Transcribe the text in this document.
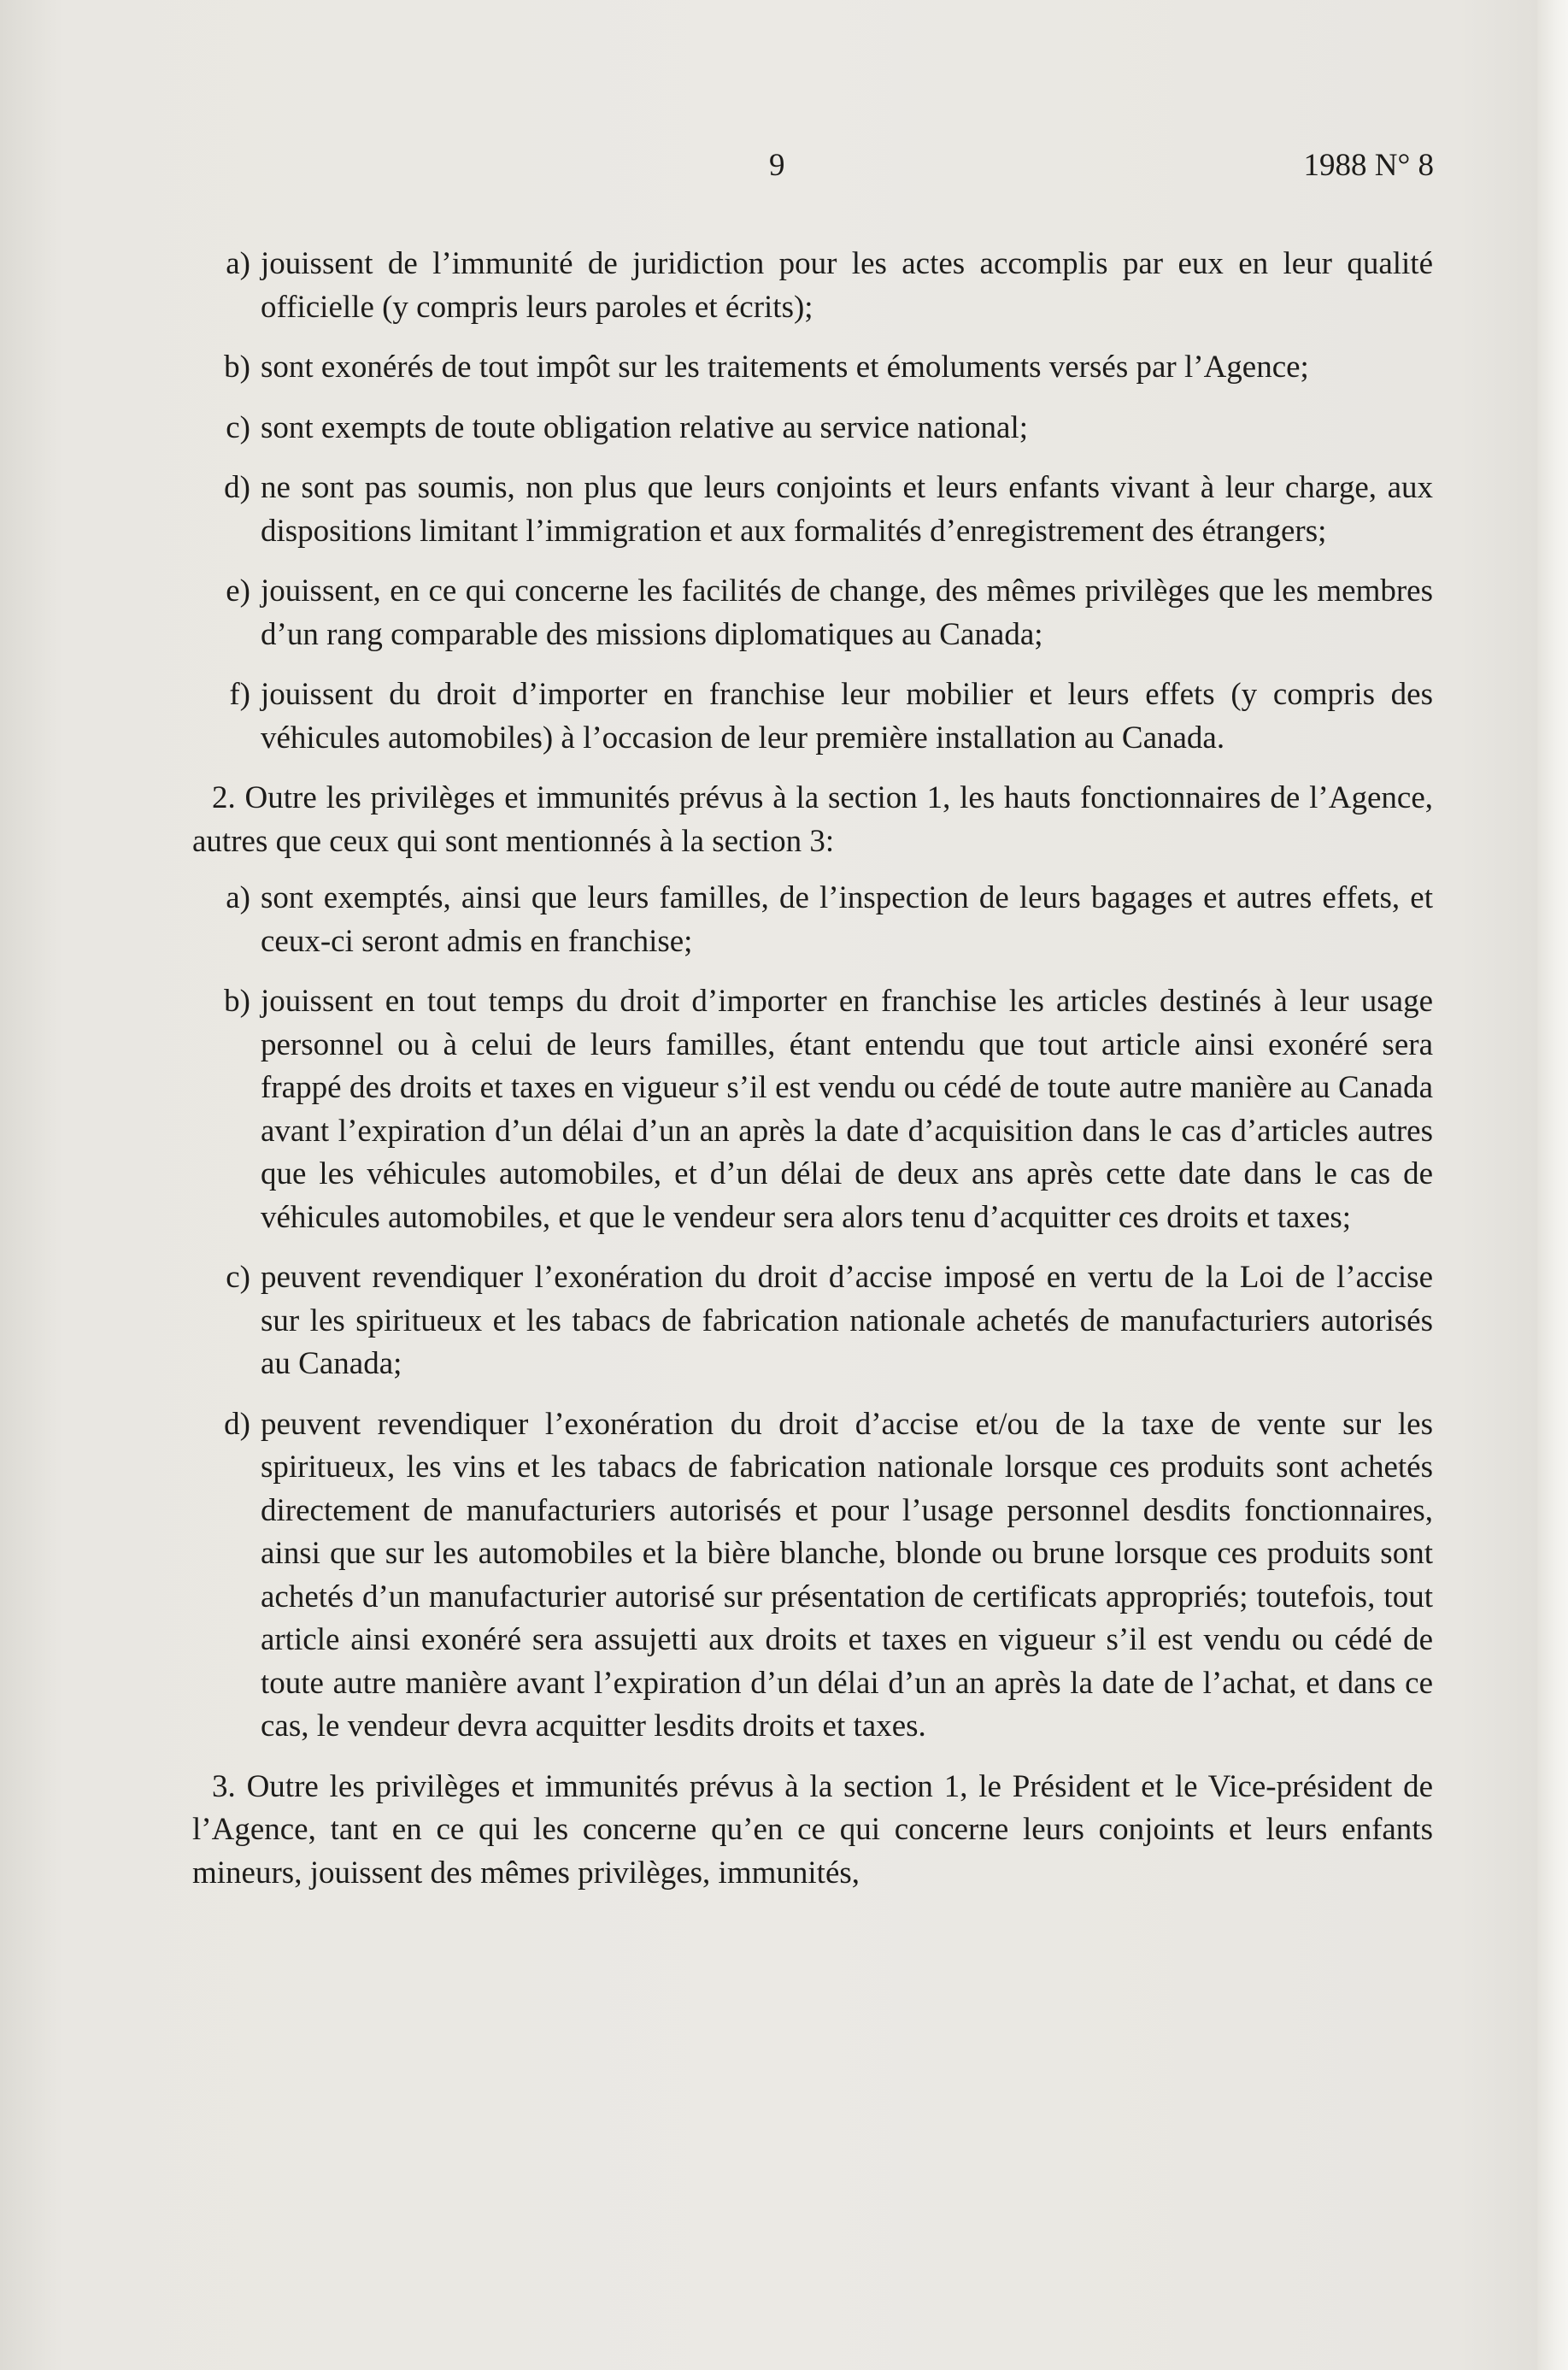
9	1988 N° 8
a) jouissent de l’immunité de juridiction pour les actes accomplis par eux en leur qualité officielle (y compris leurs paroles et écrits);
b) sont exonérés de tout impôt sur les traitements et émoluments versés par l’Agence;
c) sont exempts de toute obligation relative au service national;
d) ne sont pas soumis, non plus que leurs conjoints et leurs enfants vivant à leur charge, aux dispositions limitant l’immigration et aux formalités d’enregistrement des étrangers;
e) jouissent, en ce qui concerne les facilités de change, des mêmes privilèges que les membres d’un rang comparable des missions diplomatiques au Canada;
f) jouissent du droit d’importer en franchise leur mobilier et leurs effets (y compris des véhicules automobiles) à l’occasion de leur première installation au Canada.

2. Outre les privilèges et immunités prévus à la section 1, les hauts fonctionnaires de l’Agence, autres que ceux qui sont mentionnés à la section 3:

a) sont exemptés, ainsi que leurs familles, de l’inspection de leurs bagages et autres effets, et ceux-ci seront admis en franchise;
b) jouissent en tout temps du droit d’importer en franchise les articles destinés à leur usage personnel ou à celui de leurs familles, étant entendu que tout article ainsi exonéré sera frappé des droits et taxes en vigueur s’il est vendu ou cédé de toute autre manière au Canada avant l’expiration d’un délai d’un an après la date d’acquisition dans le cas d’articles autres que les véhicules automobiles, et d’un délai de deux ans après cette date dans le cas de véhicules automobiles, et que le vendeur sera alors tenu d’acquitter ces droits et taxes;
c) peuvent revendiquer l’exonération du droit d’accise imposé en vertu de la Loi de l’accise sur les spiritueux et les tabacs de fabrication nationale achetés de manufacturiers autorisés au Canada;
d) peuvent revendiquer l’exonération du droit d’accise et/ou de la taxe de vente sur les spiritueux, les vins et les tabacs de fabrication nationale lorsque ces produits sont achetés directement de manufacturiers autorisés et pour l’usage personnel desdits fonctionnaires, ainsi que sur les automobiles et la bière blanche, blonde ou brune lorsque ces produits sont achetés d’un manufacturier autorisé sur présentation de certificats appropriés; toutefois, tout article ainsi exonéré sera assujetti aux droits et taxes en vigueur s’il est vendu ou cédé de toute autre manière avant l’expiration d’un délai d’un an après la date de l’achat, et dans ce cas, le vendeur devra acquitter lesdits droits et taxes.

3. Outre les privilèges et immunités prévus à la section 1, le Président et le Vice-président de l’Agence, tant en ce qui les concerne qu’en ce qui concerne leurs conjoints et leurs enfants mineurs, jouissent des mêmes privilèges, immunités,
